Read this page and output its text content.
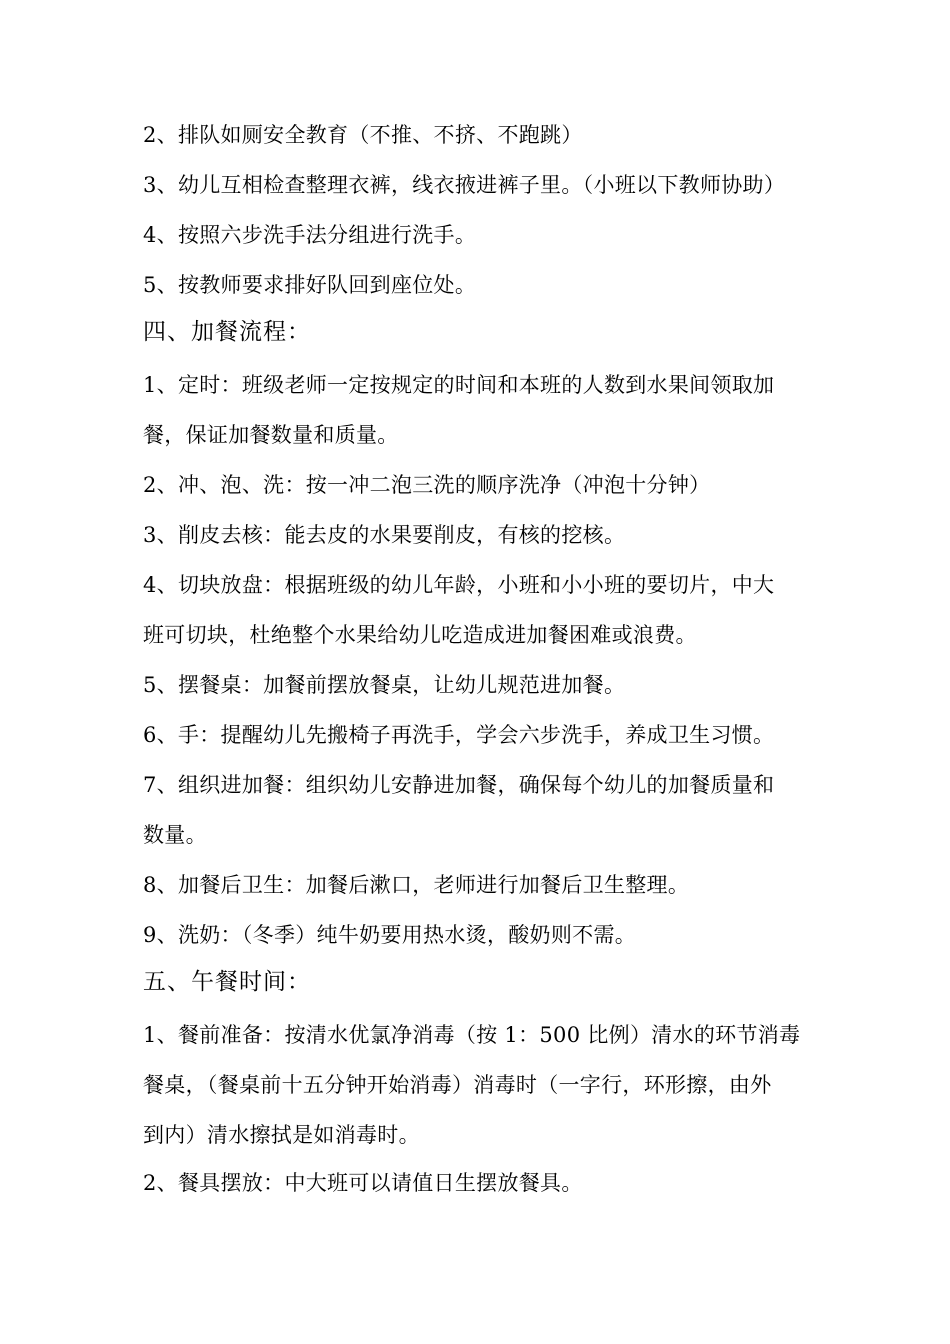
2、排队如厕安全教育（不推、不挤、不跑跳）
3、幼儿互相检查整理衣裤，线衣掖进裤子里。（小班以下教师协助）
4、按照六步洗手法分组进行洗手。
5、按教师要求排好队回到座位处。
四、加餐流程：
1、定时：班级老师一定按规定的时间和本班的人数到水果间领取加
餐，保证加餐数量和质量。
2、冲、泡、洗：按一冲二泡三洗的顺序洗净（冲泡十分钟）
3、削皮去核：能去皮的水果要削皮，有核的挖核。
4、切块放盘：根据班级的幼儿年龄，小班和小小班的要切片，中大
班可切块，杜绝整个水果给幼儿吃造成进加餐困难或浪费。
5、摆餐桌：加餐前摆放餐桌，让幼儿规范进加餐。
6、手：提醒幼儿先搬椅子再洗手，学会六步洗手，养成卫生习惯。
7、组织进加餐：组织幼儿安静进加餐，确保每个幼儿的加餐质量和
数量。
8、加餐后卫生：加餐后漱口，老师进行加餐后卫生整理。
9、洗奶：（冬季）纯牛奶要用热水烫，酸奶则不需。
五、午餐时间：
1、餐前准备：按清水优氯净消毒（按 1：500 比例）清水的环节消毒
餐桌，（餐桌前十五分钟开始消毒）消毒时（一字行，环形擦，由外
到内）清水擦拭是如消毒时。
2、餐具摆放：中大班可以请值日生摆放餐具。
